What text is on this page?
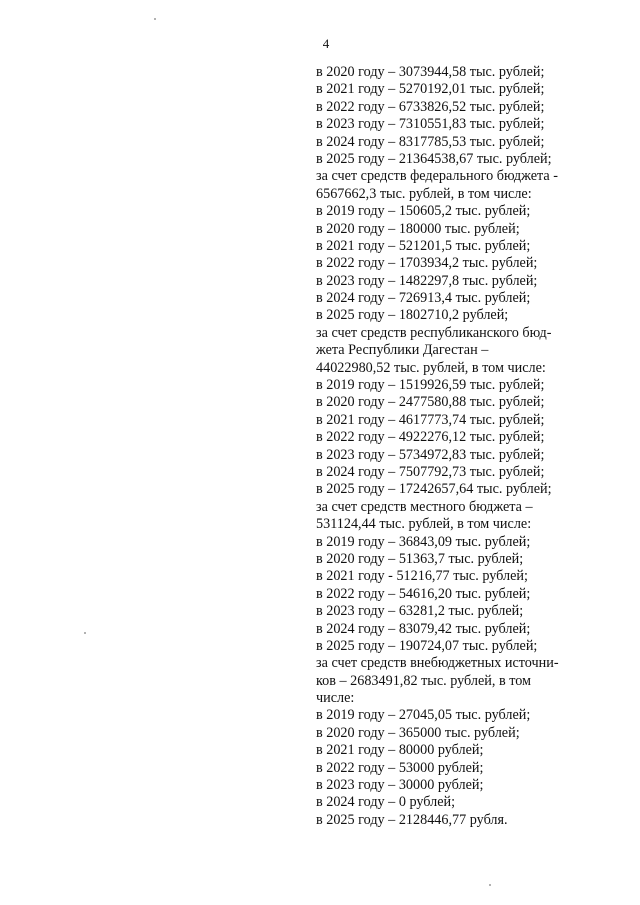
4
в 2020 году – 3073944,58 тыс. рублей;
в 2021 году – 5270192,01 тыс. рублей;
в 2022 году – 6733826,52 тыс. рублей;
в 2023 году – 7310551,83 тыс. рублей;
в 2024 году – 8317785,53 тыс. рублей;
в 2025 году – 21364538,67 тыс. рублей;
за счет средств федерального бюджета -
6567662,3 тыс. рублей, в том числе:
в 2019 году – 150605,2 тыс. рублей;
в 2020 году – 180000 тыс. рублей;
в 2021 году – 521201,5 тыс. рублей;
в 2022 году – 1703934,2 тыс. рублей;
в 2023 году – 1482297,8 тыс. рублей;
в 2024 году – 726913,4 тыс. рублей;
в 2025 году – 1802710,2 рублей;
за счет средств республиканского бюд-
жета Республики Дагестан –
44022980,52 тыс. рублей, в том числе:
в 2019 году – 1519926,59 тыс. рублей;
в 2020 году – 2477580,88 тыс. рублей;
в 2021 году – 4617773,74 тыс. рублей;
в 2022 году – 4922276,12 тыс. рублей;
в 2023 году – 5734972,83 тыс. рублей;
в 2024 году – 7507792,73 тыс. рублей;
в 2025 году – 17242657,64 тыс. рублей;
за счет средств местного бюджета –
531124,44 тыс. рублей, в том числе:
в 2019 году – 36843,09 тыс. рублей;
в 2020 году – 51363,7 тыс. рублей;
в 2021 году - 51216,77 тыс. рублей;
в 2022 году – 54616,20 тыс. рублей;
в 2023 году – 63281,2 тыс. рублей;
в 2024 году – 83079,42 тыс. рублей;
в 2025 году – 190724,07 тыс. рублей;
за счет средств внебюджетных источни-
ков – 2683491,82 тыс. рублей, в том
числе:
в 2019 году – 27045,05 тыс. рублей;
в 2020 году – 365000 тыс. рублей;
в 2021 году – 80000 рублей;
в 2022 году – 53000 рублей;
в 2023 году – 30000 рублей;
в 2024 году – 0 рублей;
в 2025 году – 2128446,77 рубля.
